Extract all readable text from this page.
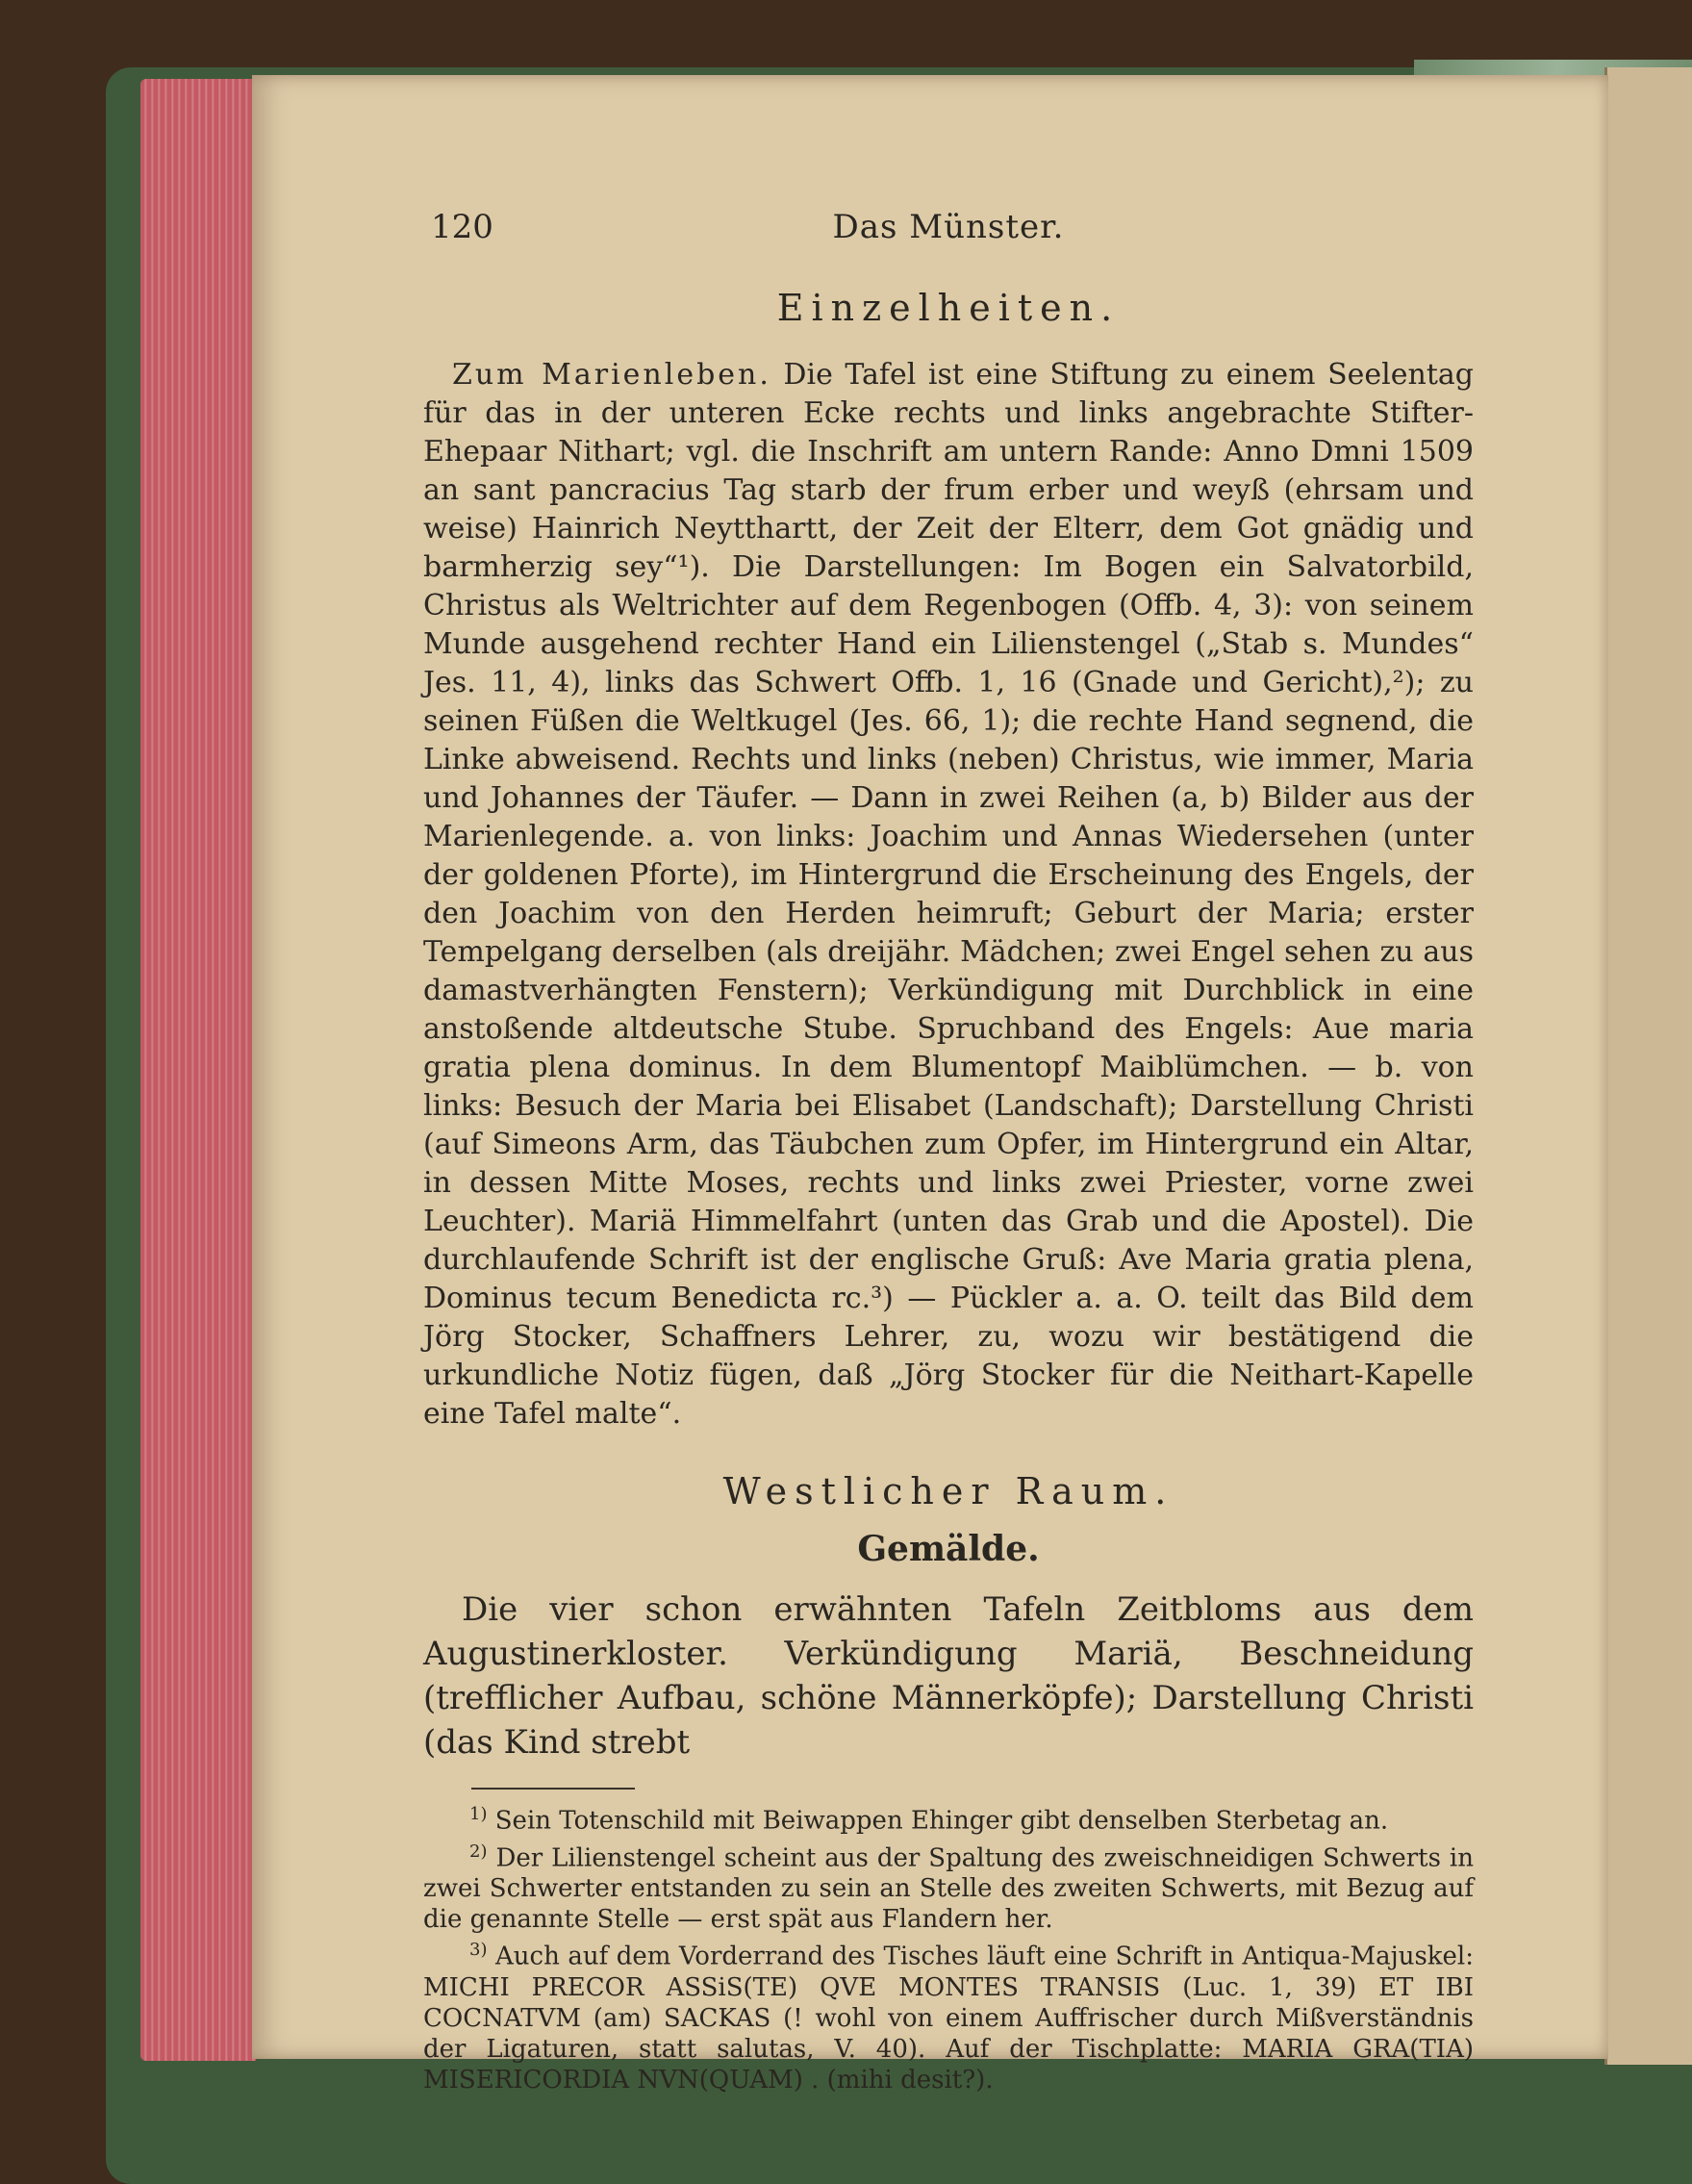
120	Das Münster.
Einzelheiten.

Zum Marienleben. Die Tafel ist eine Stiftung zu einem Seelentag für das in der unteren Ecke rechts und links angebrachte Stifter-Ehepaar Nithart; vgl. die Inschrift am untern Rande: Anno Dmni 1509 an sant pancracius Tag starb der frum erber und weyß (ehrsam und weise) Hainrich Neytthartt, der Zeit der Elterr, dem Got gnädig und barmherzig sey“¹). Die Darstellungen: Im Bogen ein Salvatorbild, Christus als Weltrichter auf dem Regenbogen (Offb. 4, 3): von seinem Munde ausgehend rechter Hand ein Lilienstengel („Stab s. Mundes“ Jes. 11, 4), links das Schwert Offb. 1, 16 (Gnade und Gericht),²); zu seinen Füßen die Weltkugel (Jes. 66, 1); die rechte Hand segnend, die Linke abweisend. Rechts und links (neben) Christus, wie immer, Maria und Johannes der Täufer. — Dann in zwei Reihen (a, b) Bilder aus der Marienlegende. a. von links: Joachim und Annas Wiedersehen (unter der goldenen Pforte), im Hintergrund die Erscheinung des Engels, der den Joachim von den Herden heimruft; Geburt der Maria; erster Tempelgang derselben (als dreijähr. Mädchen; zwei Engel sehen zu aus damastverhängten Fenstern); Verkündigung mit Durchblick in eine anstoßende altdeutsche Stube. Spruchband des Engels: Aue maria gratia plena dominus. In dem Blumentopf Maiblümchen. — b. von links: Besuch der Maria bei Elisabet (Landschaft); Darstellung Christi (auf Simeons Arm, das Täubchen zum Opfer, im Hintergrund ein Altar, in dessen Mitte Moses, rechts und links zwei Priester, vorne zwei Leuchter). Mariä Himmelfahrt (unten das Grab und die Apostel). Die durchlaufende Schrift ist der englische Gruß: Ave Maria gratia plena, Dominus tecum Benedicta rc.³) — Pückler a. a. O. teilt das Bild dem Jörg Stocker, Schaffners Lehrer, zu, wozu wir bestätigend die urkundliche Notiz fügen, daß „Jörg Stocker für die Neithart-Kapelle eine Tafel malte“.

Westlicher Raum.
Gemälde.

Die vier schon erwähnten Tafeln Zeitbloms aus dem Augustinerkloster. Verkündigung Mariä, Beschneidung (trefflicher Aufbau, schöne Männerköpfe); Darstellung Christi (das Kind strebt

$^{1)}$ Sein Totenschild mit Beiwappen Ehinger gibt denselben Sterbetag an.

$^{2)}$ Der Lilienstengel scheint aus der Spaltung des zweischneidigen Schwerts in zwei Schwerter entstanden zu sein an Stelle des zweiten Schwerts, mit Bezug auf die genannte Stelle — erst spät aus Flandern her.

$^{3)}$ Auch auf dem Vorderrand des Tisches läuft eine Schrift in Antiqua-Majuskel: MICHI PRECOR ASSiS(TE) QVE MONTES TRANSIS (Luc. 1, 39) ET IBI COCNATVM (am) SACKAS (! wohl von einem Auffrischer durch Mißverständnis der Ligaturen, statt salutas, V. 40). Auf der Tischplatte: MARIA GRA(TIA) MISERICORDIA NVN(QUAM) . (mihi desit?).
